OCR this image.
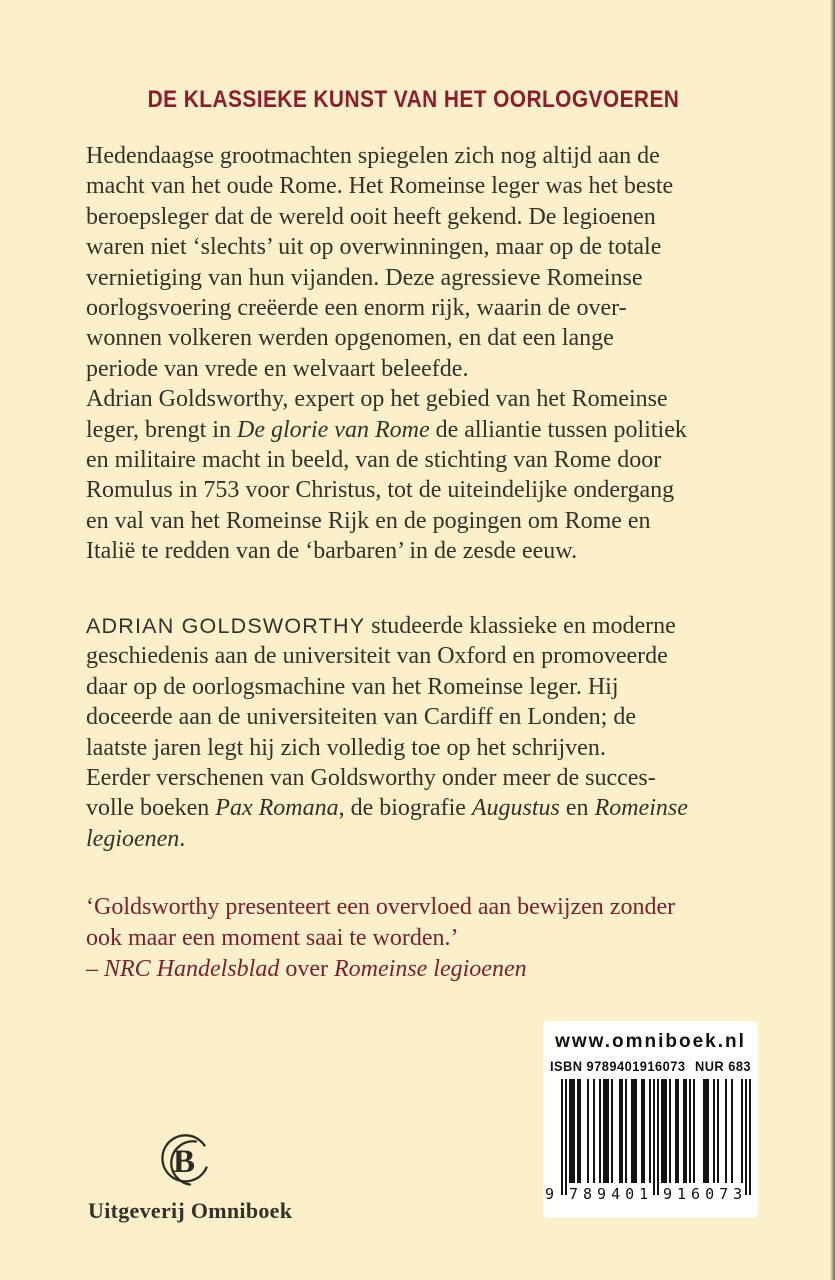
DE KLASSIEKE KUNST VAN HET OORLOGVOEREN
Hedendaagse grootmachten spiegelen zich nog altijd aan de
macht van het oude Rome. Het Romeinse leger was het beste
beroepsleger dat de wereld ooit heeft gekend. De legioenen
waren niet ‘slechts’ uit op overwinningen, maar op de totale
vernietiging van hun vijanden. Deze agressieve Romeinse
oorlogsvoering creëerde een enorm rijk, waarin de over-
wonnen volkeren werden opgenomen, en dat een lange
periode van vrede en welvaart beleefde.
Adrian Goldsworthy, expert op het gebied van het Romeinse
leger, brengt in De glorie van Rome de alliantie tussen politiek
en militaire macht in beeld, van de stichting van Rome door
Romulus in 753 voor Christus, tot de uiteindelijke ondergang
en val van het Romeinse Rijk en de pogingen om Rome en
Italië te redden van de ‘barbaren’ in de zesde eeuw.
ADRIAN GOLDSWORTHY studeerde klassieke en moderne
geschiedenis aan de universiteit van Oxford en promoveerde
daar op de oorlogsmachine van het Romeinse leger. Hij
doceerde aan de universiteiten van Cardiff en Londen; de
laatste jaren legt hij zich volledig toe op het schrijven.
Eerder verschenen van Goldsworthy onder meer de succes-
volle boeken Pax Romana, de biografie Augustus en Romeinse
legioenen.
‘Goldsworthy presenteert een overvloed aan bewijzen zonder
ook maar een moment saai te worden.’
– NRC Handelsblad over Romeinse legioenen
www.omniboek.nl
ISBN 9789401916073 NUR 683
9 789401 916073
B
Uitgeverij Omniboek
